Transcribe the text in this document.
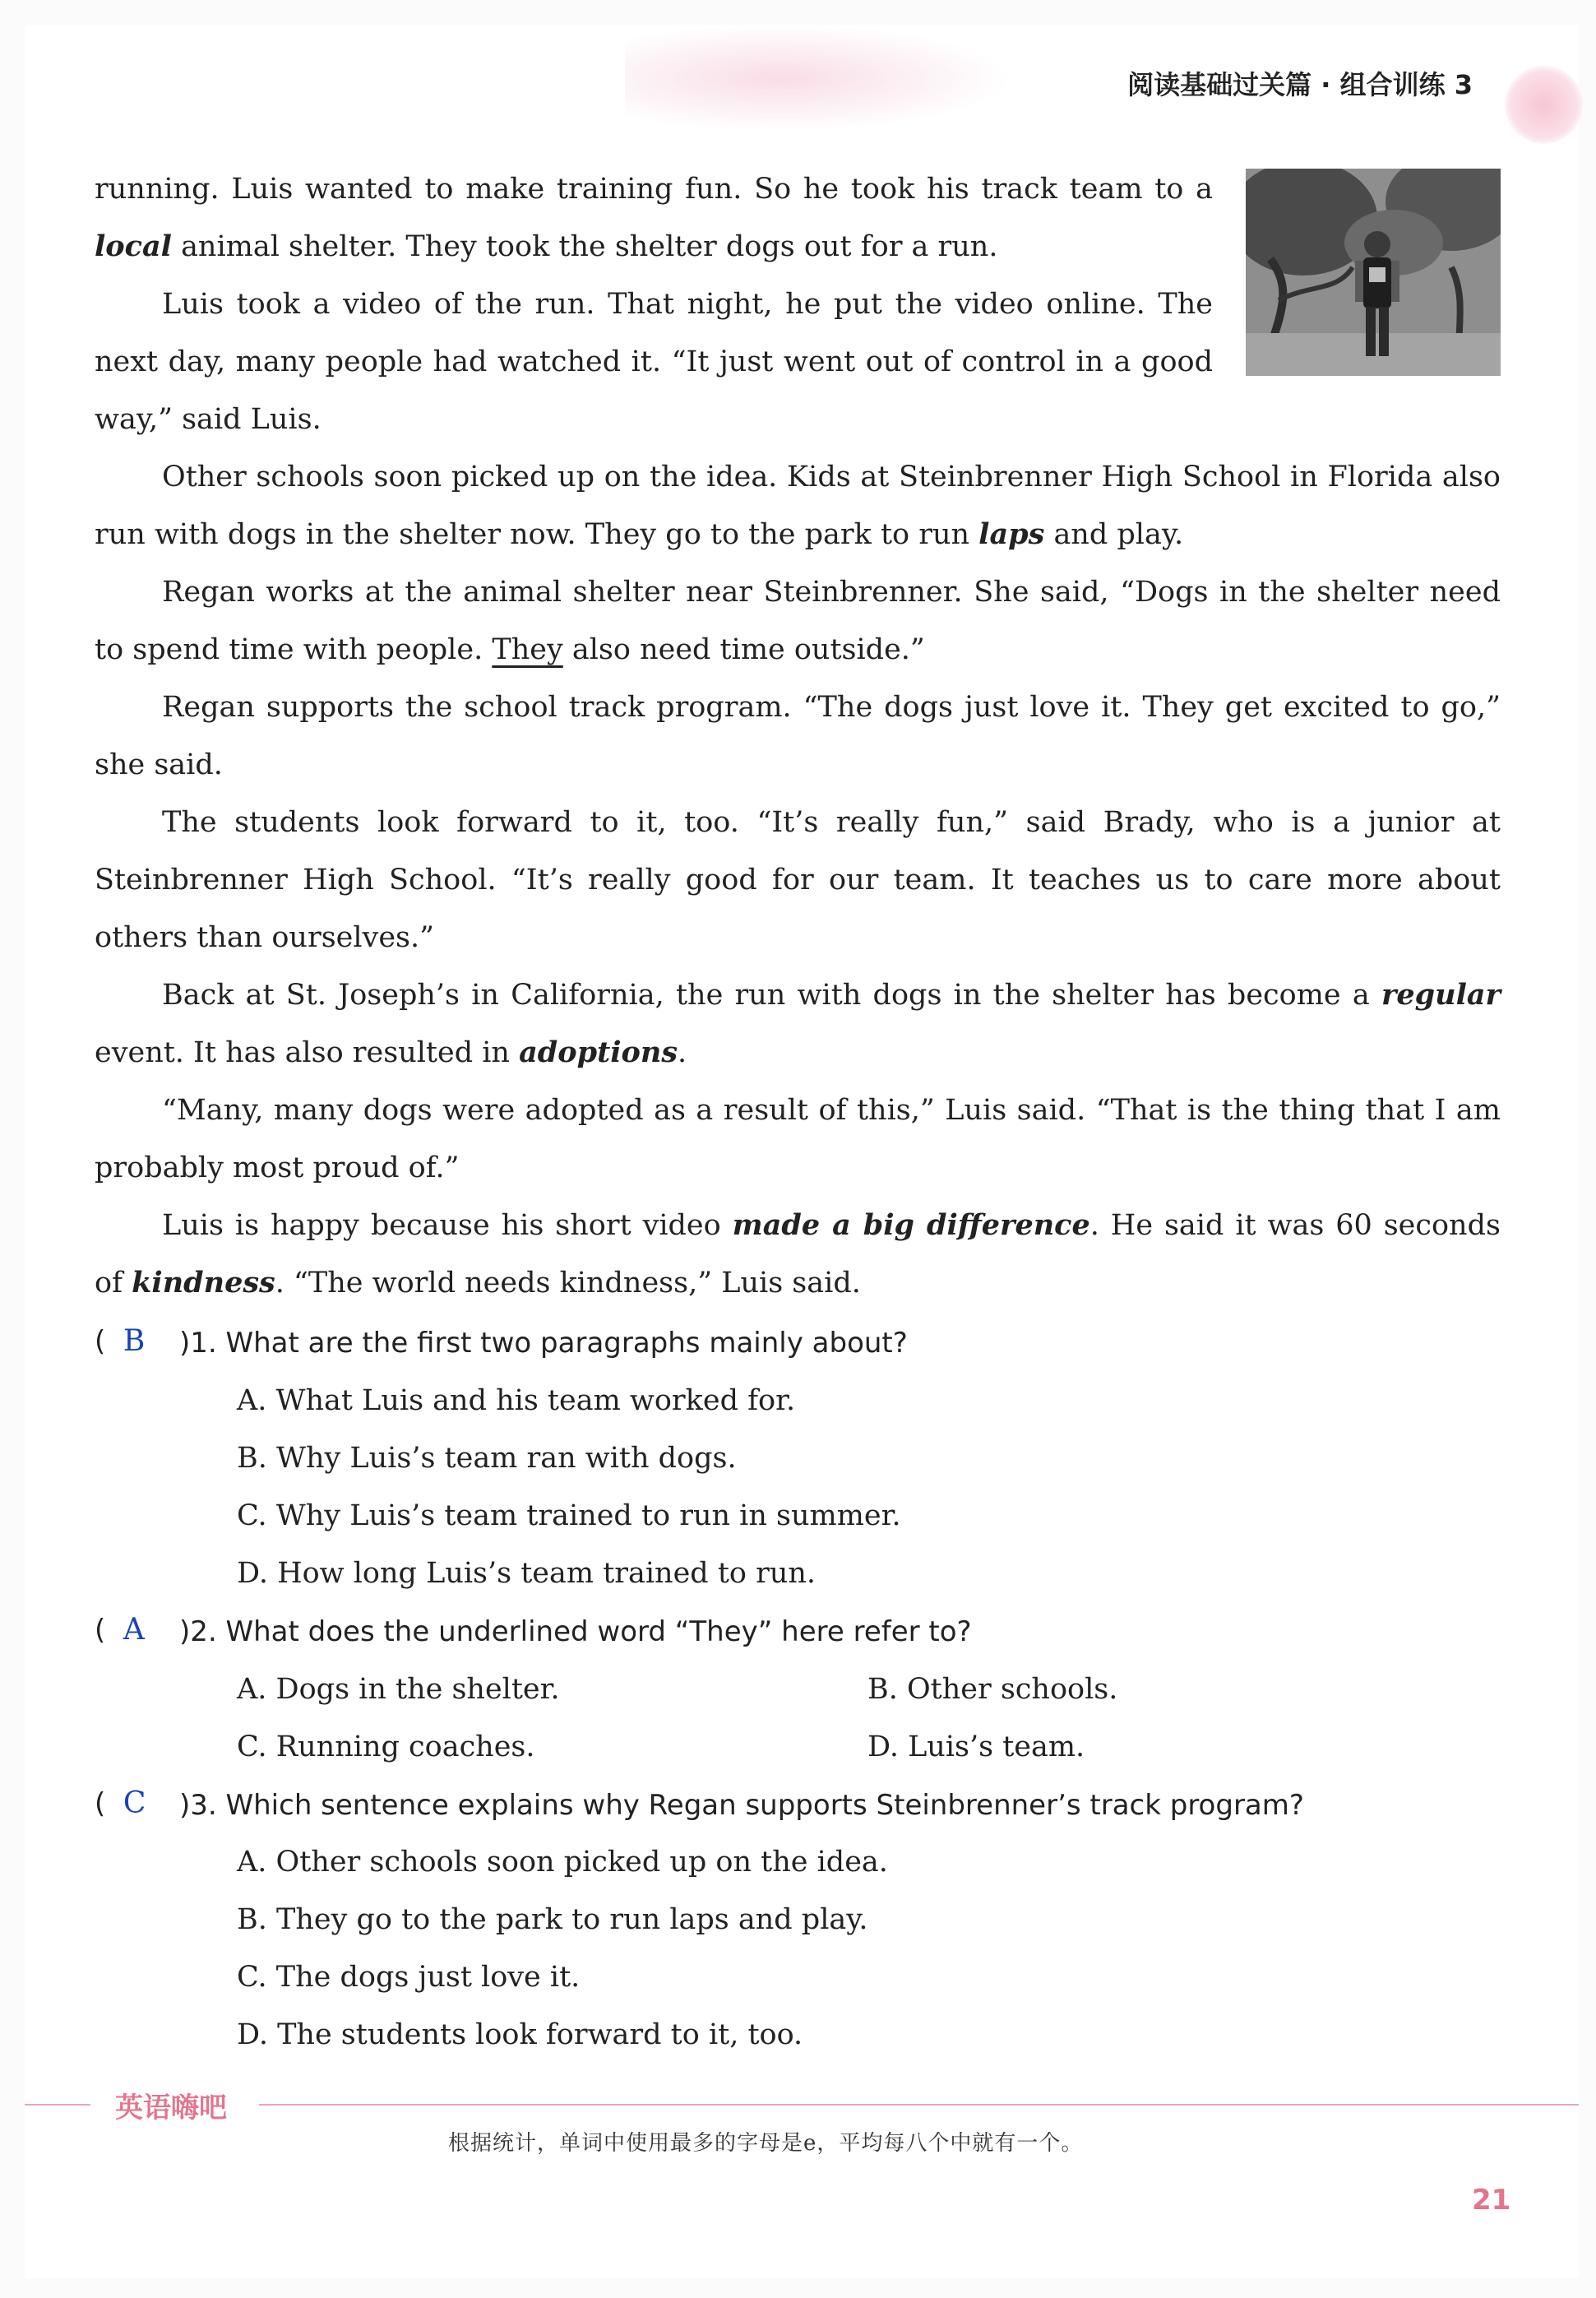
阅读基础过关篇 · 组合训练 3

running. Luis wanted to make training fun. So he took his track team to a

local animal shelter. They took the shelter dogs out for a run.

Luis took a video of the run. That night, he put the video online. The next day, many people had watched it. “It just went out of control in a good

way,” said Luis.

Other schools soon picked up on the idea. Kids at Steinbrenner High School in Florida also run with dogs in the shelter now. They go to the park to run laps and play.

Regan works at the animal shelter near Steinbrenner. She said, “Dogs in the shelter need to spend time with people. They also need time outside.”

Regan supports the school track program. “The dogs just love it. They get excited to go,” she said.

The students look forward to it, too. “It’s really fun,” said Brady, who is a junior at Steinbrenner High School. “It’s really good for our team. It teaches us to care more about others than ourselves.”

Back at St. Joseph’s in California, the run with dogs in the shelter has become a regular event. It has also resulted in adoptions.

“Many, many dogs were adopted as a result of this,” Luis said. “That is the thing that I am probably most proud of.”

Luis is happy because his short video made a big difference. He said it was 60 seconds of kindness. “The world needs kindness,” Luis said.

(  B	)1. What are the first two paragraphs mainly about?
A. What Luis and his team worked for.
B. Why Luis’s team ran with dogs.
C. Why Luis’s team trained to run in summer.
D. How long Luis’s team trained to run.
(  A	)2. What does the underlined word “They” here refer to?
A. Dogs in the shelter.	B. Other schools.
C. Running coaches.	D. Luis’s team.
(  C	)3. Which sentence explains why Regan supports Steinbrenner’s track program?
A. Other schools soon picked up on the idea.
B. They go to the park to run laps and play.
C. The dogs just love it.
D. The students look forward to it, too.
英语嗨吧
根据统计，单词中使用最多的字母是e，平均每八个中就有一个。
21
